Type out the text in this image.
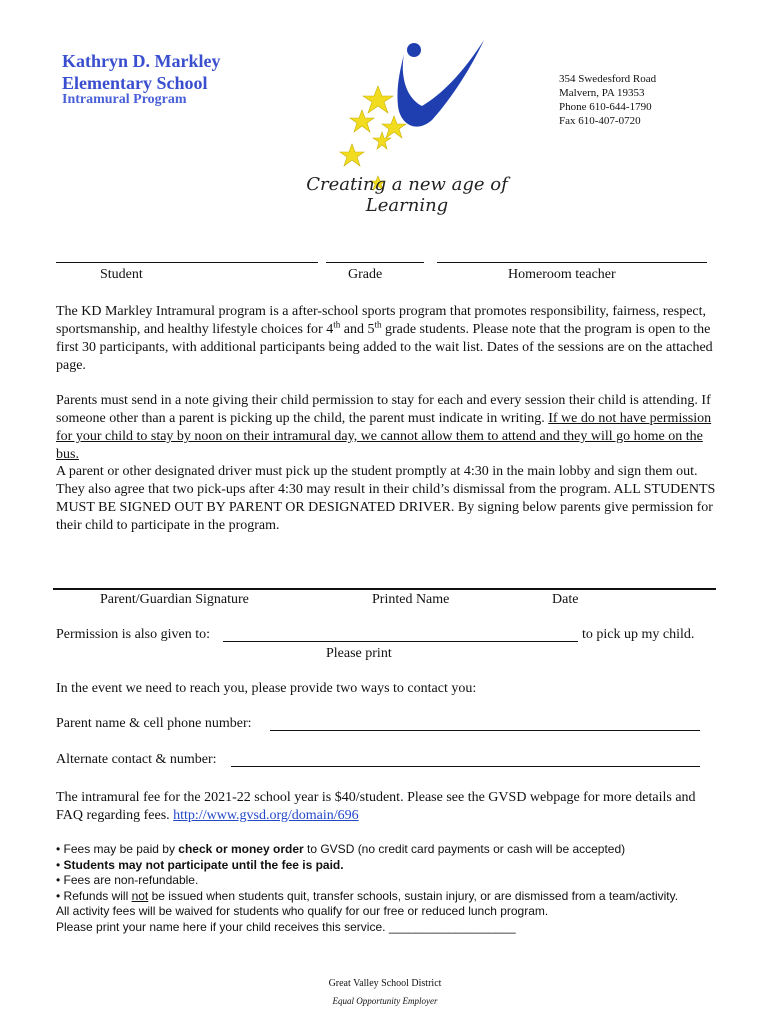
Kathryn D. Markley
Elementary School
Intramural Program
354 Swedesford Road
Malvern, PA 19353
Phone 610-644-1790
Fax 610-407-0720
Creating a new age of Learning
Student	Grade	Homeroom teacher
The KD Markley Intramural program is a after-school sports program that promotes responsibility, fairness, respect, sportsmanship, and healthy lifestyle choices for 4th and 5th grade students. Please note that the program is open to the first 30 participants, with additional participants being added to the wait list. Dates of the sessions are on the attached page.
Parents must send in a note giving their child permission to stay for each and every session their child is attending. If someone other than a parent is picking up the child, the parent must indicate in writing. If we do not have permission for your child to stay by noon on their intramural day, we cannot allow them to attend and they will go home on the bus.
A parent or other designated driver must pick up the student promptly at 4:30 in the main lobby and sign them out. They also agree that two pick-ups after 4:30 may result in their child’s dismissal from the program. ALL STUDENTS MUST BE SIGNED OUT BY PARENT OR DESIGNATED DRIVER. By signing below parents give permission for their child to participate in the program.
Parent/Guardian Signature	Printed Name	Date
Permission is also given to:	to pick up my child.
Please print
In the event we need to reach you, please provide two ways to contact you:
Parent name & cell phone number:
Alternate contact & number:
The intramural fee for the 2021-22 school year is $40/student. Please see the GVSD webpage for more details and FAQ regarding fees. http://www.gvsd.org/domain/696
• Fees may be paid by check or money order to GVSD (no credit card payments or cash will be accepted)
• Students may not participate until the fee is paid.
• Fees are non-refundable.
• Refunds will not be issued when students quit, transfer schools, sustain injury, or are dismissed from a team/activity.
All activity fees will be waived for students who qualify for our free or reduced lunch program.
Please print your name here if your child receives this service. ___________________
Great Valley School District
Equal Opportunity Employer
